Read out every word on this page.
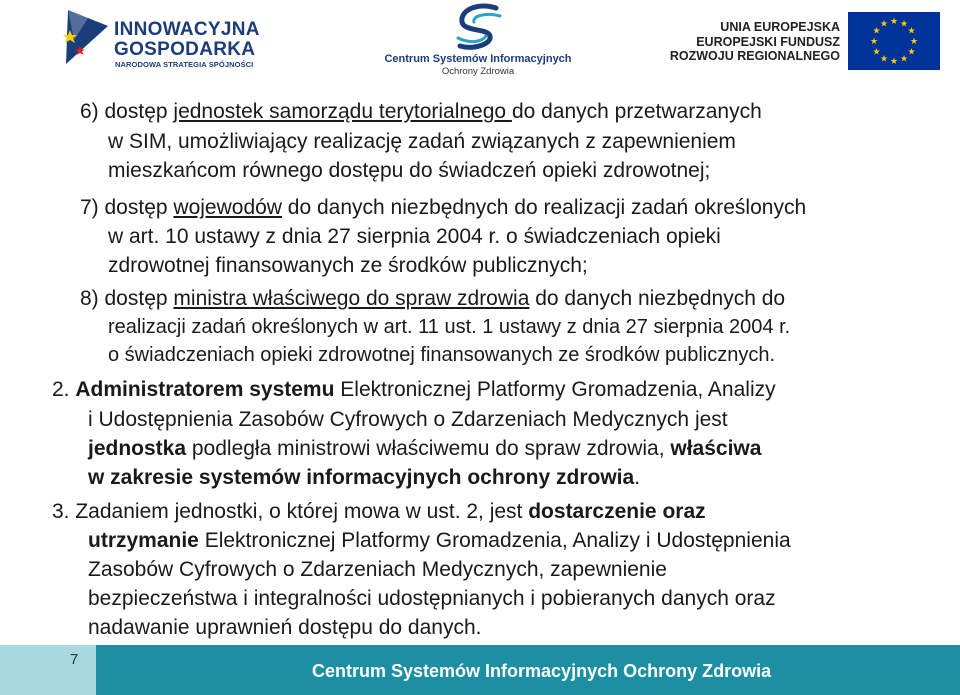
INNOWACYJNA
GOSPODARKA
NARODOWA STRATEGIA SPÓJNOŚCI	Centrum Systemów Informacyjnych
Ochrony Zdrowia
UNIA EUROPEJSKA
EUROPEJSKI FUNDUSZ
ROZWOJU REGIONALNEGO
★ ★
★
★
★
★
★
★
★
★
★
★
6) dostęp jednostek samorządu terytorialnego do danych przetwarzanych
w SIM, umożliwiający realizację zadań związanych z zapewnieniem
mieszkańcom równego dostępu do świadczeń opieki zdrowotnej;
7) dostęp wojewodów do danych niezbędnych do realizacji zadań określonych
w art. 10 ustawy z dnia 27 sierpnia 2004 r. o świadczeniach opieki
zdrowotnej finansowanych ze środków publicznych;
8) dostęp ministra właściwego do spraw zdrowia do danych niezbędnych do
realizacji zadań określonych w art. 11 ust. 1 ustawy z dnia 27 sierpnia 2004 r.
o świadczeniach opieki zdrowotnej finansowanych ze środków publicznych.
2. Administratorem systemu Elektronicznej Platformy Gromadzenia, Analizy
i Udostępnienia Zasobów Cyfrowych o Zdarzeniach Medycznych jest
jednostka podległa ministrowi właściwemu do spraw zdrowia, właściwa
w zakresie systemów informacyjnych ochrony zdrowia.
3. Zadaniem jednostki, o której mowa w ust. 2, jest dostarczenie oraz
utrzymanie Elektronicznej Platformy Gromadzenia, Analizy i Udostępnienia
Zasobów Cyfrowych o Zdarzeniach Medycznych, zapewnienie
bezpieczeństwa i integralności udostępnianych i pobieranych danych oraz
nadawanie uprawnień dostępu do danych.
7
Centrum Systemów Informacyjnych Ochrony Zdrowia
